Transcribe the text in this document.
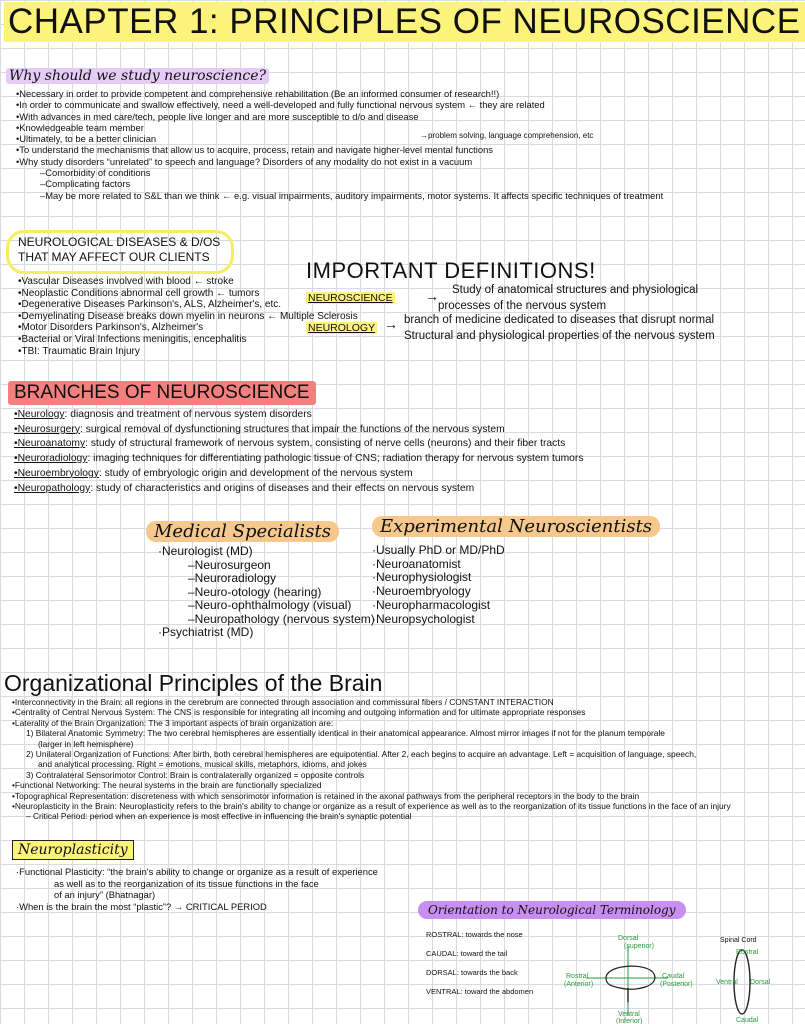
CHAPTER 1: PRINCIPLES OF NEUROSCIENCE
Why should we study neuroscience?
•Necessary in order to provide competent and comprehensive rehabilitation (Be an informed consumer of research!!)
•In order to communicate and swallow effectively, need a well-developed and fully functional nervous system ← they are related
•With advances in med care/tech, people live longer and are more susceptible to d/o and disease
•Knowledgeable team member
•Ultimately, to be a better clinician
•To understand the mechanisms that allow us to acquire, process, retain and navigate higher-level mental functions
•Why study disorders “unrelated” to speech and language? Disorders of any modality do not exist in a vacuum
–Comorbidity of conditions
–Complicating factors
–May be more related to S&L than we think ← e.g. visual impairments, auditory impairments, motor systems. It affects specific techniques of treatment
→problem solving, language comprehension, etc
NEUROLOGICAL DISEASES & D/OS
THAT MAY AFFECT OUR CLIENTS
•Vascular Diseases involved with blood ← stroke
•Neoplastic Conditions abnormal cell growth ← tumors
•Degenerative Diseases Parkinson's, ALS, Alzheimer's, etc.
•Demyelinating Disease breaks down myelin in neurons ← Multiple Sclerosis
•Motor Disorders Parkinson's, Alzheimer's
•Bacterial or Viral Infections meningitis, encephalitis
•TBI: Traumatic Brain Injury
IMPORTANT DEFINITIONS!
NEUROSCIENCE → Study of anatomical structures and physiological
processes of the nervous system
NEUROLOGY → branch of medicine dedicated to diseases that disrupt normal
Structural and physiological properties of the nervous system
BRANCHES OF NEUROSCIENCE
•Neurology: diagnosis and treatment of nervous system disorders
•Neurosurgery: surgical removal of dysfunctioning structures that impair the functions of the nervous system
•Neuroanatomy: study of structural framework of nervous system, consisting of nerve cells (neurons) and their fiber tracts
•Neuroradiology: imaging techniques for differentiating pathologic tissue of CNS; radiation therapy for nervous system tumors
•Neuroembryology: study of embryologic origin and development of the nervous system
•Neuropathology: study of characteristics and origins of diseases and their effects on nervous system
Medical Specialists
·Neurologist (MD)
–Neurosurgeon
–Neuroradiology
–Neuro-otology (hearing)
–Neuro-ophthalmology (visual)
–Neuropathology (nervous system)
·Psychiatrist (MD)
Experimental Neuroscientists
·Usually PhD or MD/PhD
·Neuroanatomist
·Neurophysiologist
·Neuroembryology
·Neuropharmacologist
·Neuropsychologist
Organizational Principles of the Brain
•Interconnectivity in the Brain: all regions in the cerebrum are connected through association and commissural fibers / CONSTANT INTERACTION
•Centrality of Central Nervous System: The CNS is responsible for integrating all incoming and outgoing information and for ultimate appropriate responses
•Laterality of the Brain Organization: The 3 important aspects of brain organization are:
1) Bilateral Anatomic Symmetry: The two cerebral hemispheres are essentially identical in their anatomical appearance. Almost mirror images if not for the planum temporale
(larger in left hemisphere)
2) Unilateral Organization of Functions: After birth, both cerebral hemispheres are equipotential. After 2, each begins to acquire an advantage. Left = acquisition of language, speech,
and analytical processing. Right = emotions, musical skills, metaphors, idioms, and jokes
3) Contralateral Sensorimotor Control: Brain is contralaterally organized = opposite controls
•Functional Networking: The neural systems in the brain are functionally specialized
•Topographical Representation: discreteness with which sensorimotor information is retained in the axonal pathways from the peripheral receptors in the body to the brain
•Neuroplasticity in the Brain: Neuroplasticity refers to the brain's ability to change or organize as a result of experience as well as to the reorganization of its tissue functions in the face of an injury
– Critical Period: period when an experience is most effective in influencing the brain's synaptic potential
Neuroplasticity
·Functional Plasticity: “the brain's ability to change or organize as a result of experience
as well as to the reorganization of its tissue functions in the face
of an injury” (Bhatnagar)
·When is the brain the most “plastic”? → CRITICAL PERIOD	Orientation to Neurological Terminology
ROSTRAL: towards the nose
CAUDAL: toward the tail
DORSAL: towards the back
VENTRAL: toward the abdomen
Dorsal
(superior)
Rostral
(Anterior)
Caudal
(Posterior)
Ventral
(Inferior)
Spinal Cord
Rostral
Ventral Dorsal
Caudal
